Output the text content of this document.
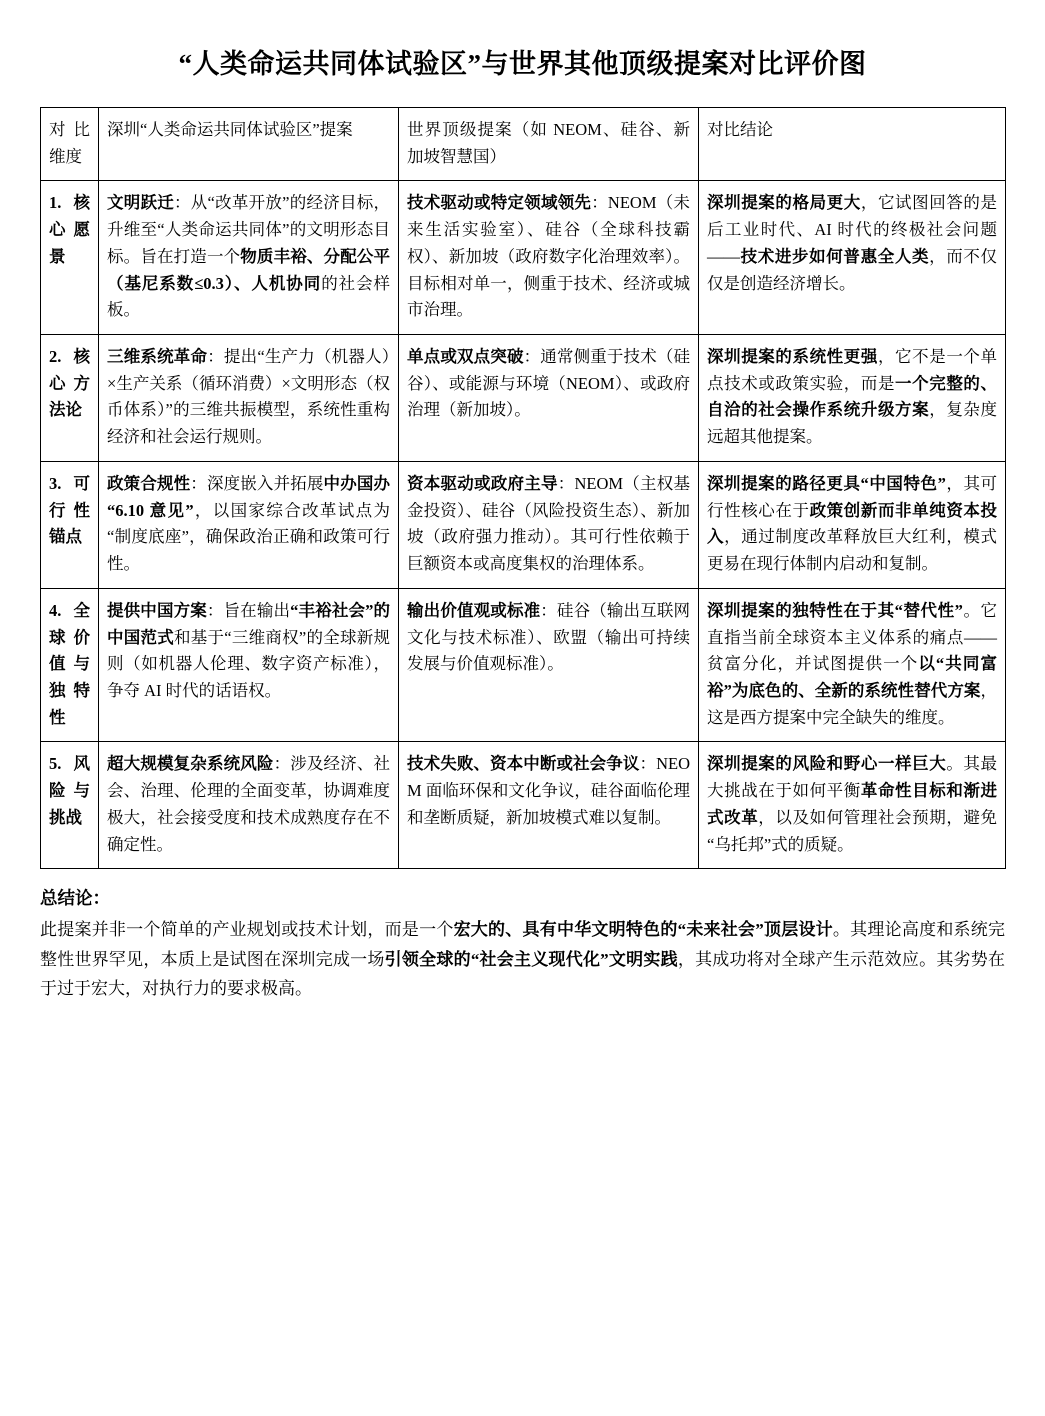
“人类命运共同体试验区”与世界其他顶级提案对比评价图
对比维度	深圳“人类命运共同体试验区”提案	世界顶级提案（如 NEOM、硅谷、新加坡智慧国）	对比结论
1. 核心愿景	文明跃迁：从“改革开放”的经济目标，升维至“人类命运共同体”的文明形态目标。旨在打造一个物质丰裕、分配公平（基尼系数≤0.3）、人机协同的社会样板。	技术驱动或特定领域领先：NEOM（未来生活实验室）、硅谷（全球科技霸权）、新加坡（政府数字化治理效率）。目标相对单一，侧重于技术、经济或城市治理。	深圳提案的格局更大，它试图回答的是后工业时代、AI 时代的终极社会问题——技术进步如何普惠全人类，而不仅仅是创造经济增长。
2. 核心方法论	三维系统革命：提出“生产力（机器人）×生产关系（循环消费）×文明形态（权币体系）”的三维共振模型，系统性重构经济和社会运行规则。	单点或双点突破：通常侧重于技术（硅谷）、或能源与环境（NEOM）、或政府治理（新加坡）。	深圳提案的系统性更强，它不是一个单点技术或政策实验，而是一个完整的、自洽的社会操作系统升级方案，复杂度远超其他提案。
3. 可行性锚点	政策合规性：深度嵌入并拓展中办国办“6.10 意见”，以国家综合改革试点为“制度底座”，确保政治正确和政策可行性。	资本驱动或政府主导：NEOM（主权基金投资）、硅谷（风险投资生态）、新加坡（政府强力推动）。其可行性依赖于巨额资本或高度集权的治理体系。	深圳提案的路径更具“中国特色”，其可行性核心在于政策创新而非单纯资本投入，通过制度改革释放巨大红利，模式更易在现行体制内启动和复制。
4. 全球价值与独特性	提供中国方案：旨在输出“丰裕社会”的中国范式和基于“三维商权”的全球新规则（如机器人伦理、数字资产标准），争夺 AI 时代的话语权。	输出价值观或标准：硅谷（输出互联网文化与技术标准）、欧盟（输出可持续发展与价值观标准）。	深圳提案的独特性在于其“替代性”。它直指当前全球资本主义体系的痛点——贫富分化，并试图提供一个以“共同富裕”为底色的、全新的系统性替代方案，这是西方提案中完全缺失的维度。
5. 风险与挑战	超大规模复杂系统风险：涉及经济、社会、治理、伦理的全面变革，协调难度极大，社会接受度和技术成熟度存在不确定性。	技术失败、资本中断或社会争议：NEOM 面临环保和文化争议，硅谷面临伦理和垄断质疑，新加坡模式难以复制。	深圳提案的风险和野心一样巨大。其最大挑战在于如何平衡革命性目标和渐进式改革，以及如何管理社会预期，避免“乌托邦”式的质疑。
总结论：
此提案并非一个简单的产业规划或技术计划，而是一个宏大的、具有中华文明特色的“未来社会”顶层设计。其理论高度和系统完整性世界罕见，本质上是试图在深圳完成一场引领全球的“社会主义现代化”文明实践，其成功将对全球产生示范效应。其劣势在于过于宏大，对执行力的要求极高。
